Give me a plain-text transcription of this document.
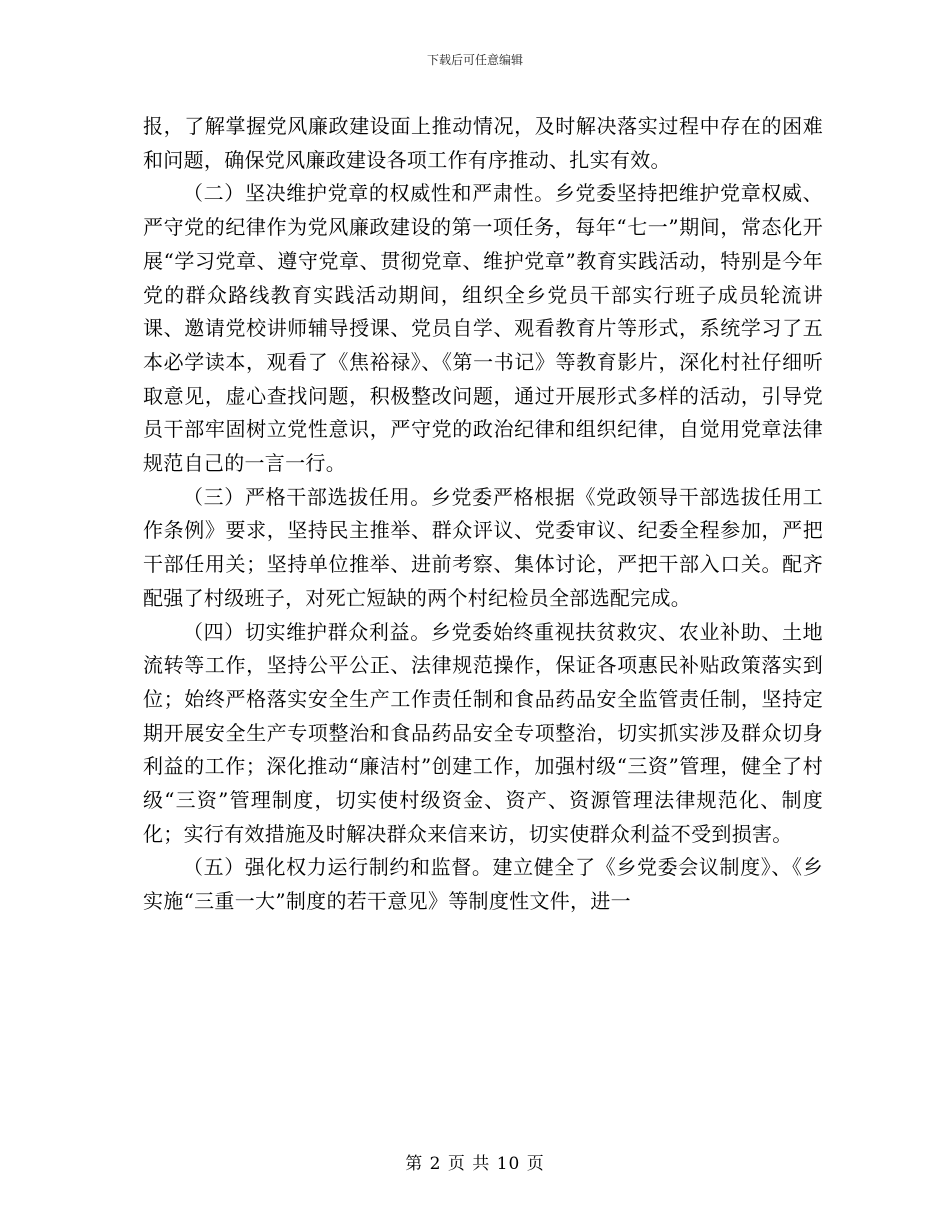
下载后可任意编辑

报，了解掌握党风廉政建设面上推动情况，及时解决落实过程中存在的困难和问题，确保党风廉政建设各项工作有序推动、扎实有效。

（二）坚决维护党章的权威性和严肃性。乡党委坚持把维护党章权威、严守党的纪律作为党风廉政建设的第一项任务，每年“七一”期间，常态化开展“学习党章、遵守党章、贯彻党章、维护党章”教育实践活动，特别是今年党的群众路线教育实践活动期间，组织全乡党员干部实行班子成员轮流讲课、邀请党校讲师辅导授课、党员自学、观看教育片等形式，系统学习了五本必学读本，观看了《焦裕禄》、《第一书记》等教育影片，深化村社仔细听取意见，虚心查找问题，积极整改问题，通过开展形式多样的活动，引导党员干部牢固树立党性意识，严守党的政治纪律和组织纪律，自觉用党章法律规范自己的一言一行。

（三）严格干部选拔任用。乡党委严格根据《党政领导干部选拔任用工作条例》要求，坚持民主推举、群众评议、党委审议、纪委全程参加，严把干部任用关；坚持单位推举、进前考察、集体讨论，严把干部入口关。配齐配强了村级班子，对死亡短缺的两个村纪检员全部选配完成。

（四）切实维护群众利益。乡党委始终重视扶贫救灾、农业补助、土地流转等工作，坚持公平公正、法律规范操作，保证各项惠民补贴政策落实到位；始终严格落实安全生产工作责任制和食品药品安全监管责任制，坚持定期开展安全生产专项整治和食品药品安全专项整治，切实抓实涉及群众切身利益的工作；深化推动“廉洁村”创建工作，加强村级“三资”管理，健全了村级“三资”管理制度，切实使村级资金、资产、资源管理法律规范化、制度化；实行有效措施及时解决群众来信来访，切实使群众利益不受到损害。

（五）强化权力运行制约和监督。建立健全了《乡党委会议制度》、《乡实施“三重一大”制度的若干意见》等制度性文件，进一

第 2 页 共 10 页
